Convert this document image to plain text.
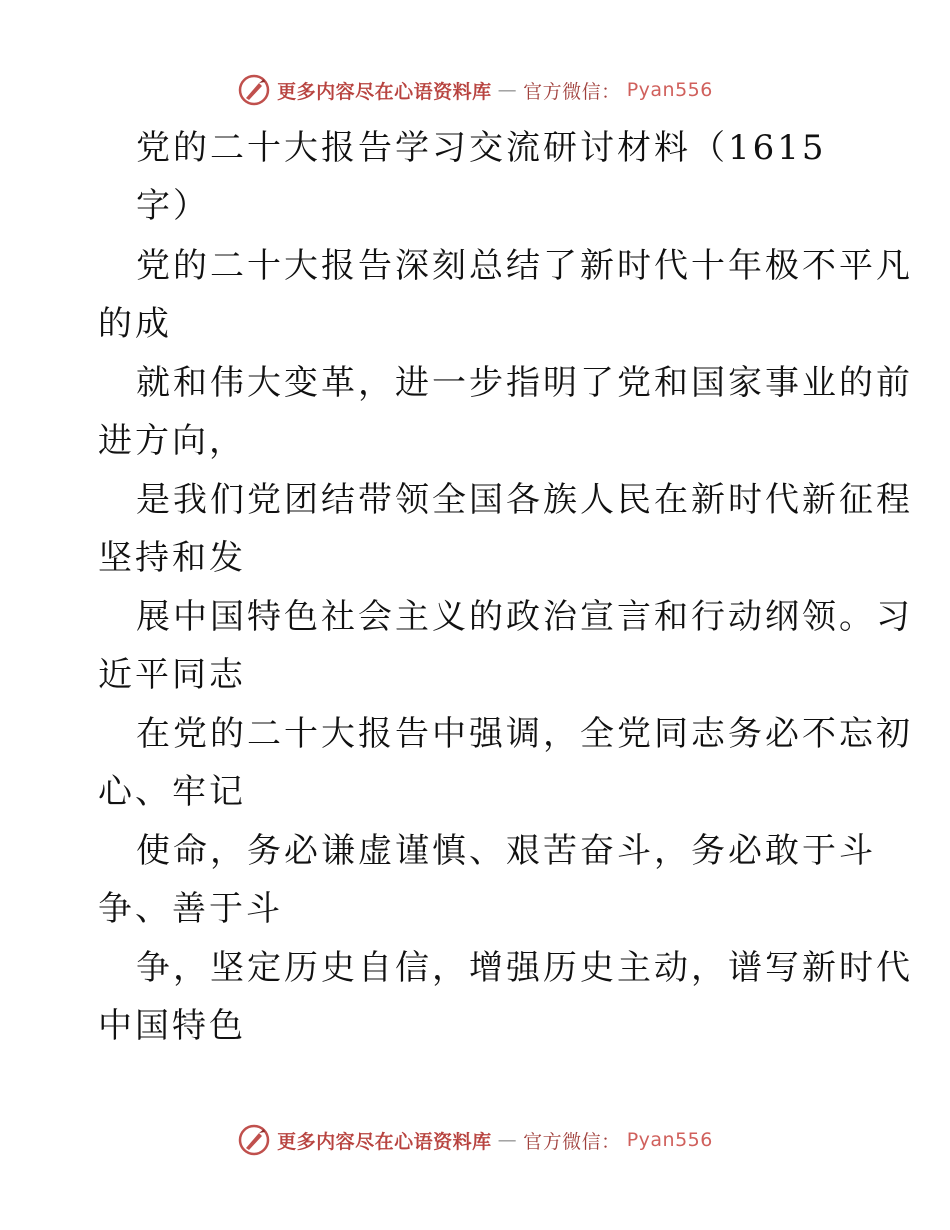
更多内容尽在心语资料库 — 官方微信： Pyan556
党的二十大报告学习交流研讨材料（1615
字）
党的二十大报告深刻总结了新时代十年极不平凡
的成
就和伟大变革，进一步指明了党和国家事业的前
进方向，
是我们党团结带领全国各族人民在新时代新征程
坚持和发
展中国特色社会主义的政治宣言和行动纲领。习
近平同志
在党的二十大报告中强调，全党同志务必不忘初
心、牢记
使命，务必谦虚谨慎、艰苦奋斗，务必敢于斗
争、善于斗
争，坚定历史自信，增强历史主动，谱写新时代
中国特色
更多内容尽在心语资料库 — 官方微信： Pyan556
